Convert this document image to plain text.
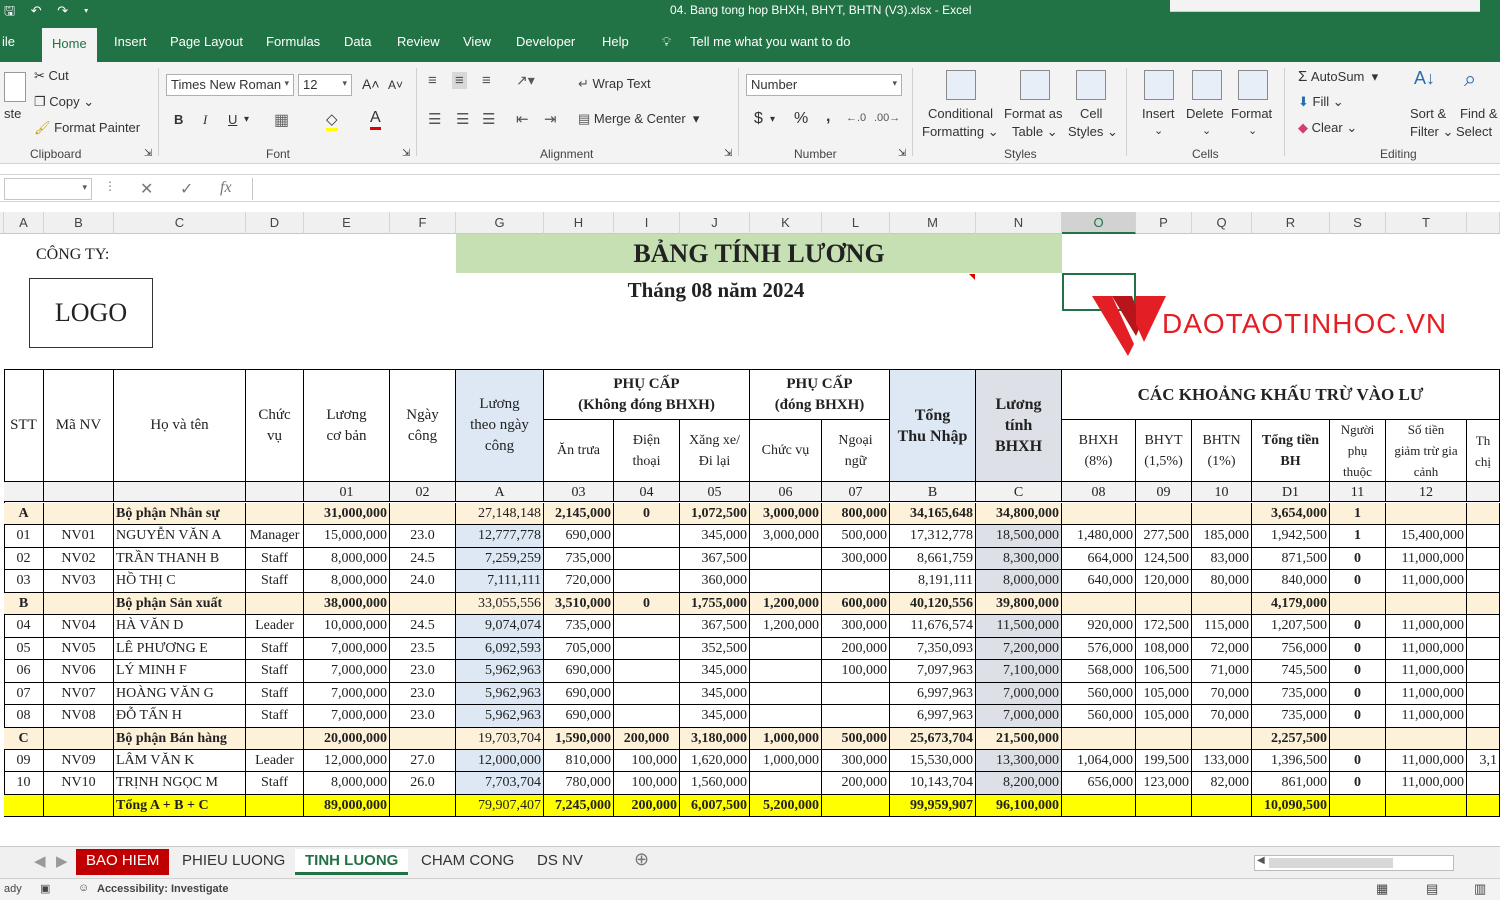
🖫 ↶ ↷ ▾	04. Bang tong hop BHXH, BHYT, BHTN (V3).xlsx - Excel
ile	Home	Insert Page Layout Formulas Data Review View Developer Help	💡︎ Tell me what you want to do
ste
✂ Cut
❐ Copy ⌄
🖌︎ Format Painter
Clipboard	⇲
Times New Roman ▾	12	▾ A˄ A˅
B I U ▾ ▦ ◇ A
Font	⇲
≡ ≡ ≡ ↗▾
☰ ☰ ☰ ⇤ ⇥
↵ Wrap Text
▤ Merge & Center  ▾
Alignment	⇲
Number	▾
$ ▾ % , ←.0 .00→
Number	⇲
Conditional
Formatting ⌄
Format as
Table ⌄
Cell
Styles ⌄
Styles
Insert
⌄
Delete
⌄
Format
⌄
Cells
Σ AutoSum  ▾
⬇︎ Fill ⌄
◆ Clear ⌄
A↓
Sort &
Filter ⌄
⌕
Find &
Select
Editing
▾ ⋮ ✕ ✓ fx
A	B	C	D	E	F	G	H	I	J	K	L	M	N	O	P	Q	R	S	T
CÔNG TY:
LOGO
BẢNG TÍNH LƯƠNG
Tháng 08 năm 2024
DAOTAOTINHOC.VN
STT Mã NV	Họ và tên
Chức
vụ
Lương
cơ bản
Ngày
công
Lương
theo ngày
công
PHỤ CẤP
(Không đóng BHXH)
Ăn trưa
Điện
thoại
Xăng xe/
Đi lại
PHỤ CẤP
(đóng BHXH)
Chức vụ
Ngoại
ngữ
Tổng
Thu Nhập
Lương
tính
BHXH
CÁC KHOẢNG KHẤU TRỪ VÀO LƯ
BHXH
(8%)
BHYT
(1,5%)
BHTN
(1%)
Tổng tiền
BH
Người
phụ
thuộc
Số tiền
giảm trừ gia
cảnh
Th
chị
01	02	A	03	04	05	06	07	B	C	08	09	10	D1	11	12
A	Bộ phận Nhân sự	31,000,000	27,148,148	2,145,000	0	1,072,500	3,000,000	800,000	34,165,648	34,800,000	3,654,000	1
01	NV01	NGUYỄN VĂN A	Manager	15,000,000	23.0	12,777,778	690,000	345,000	3,000,000	500,000	17,312,778	18,500,000	1,480,000 277,500	185,000	1,942,500	1	15,400,000
02	NV02	TRẦN THANH B	Staff	8,000,000	24.5	7,259,259	735,000	367,500	300,000	8,661,759	8,300,000	664,000 124,500	83,000	871,500	0	11,000,000
03	NV03	HỒ THỊ C	Staff	8,000,000	24.0	7,111,111	720,000	360,000	8,191,111	8,000,000	640,000 120,000	80,000	840,000	0	11,000,000
B	Bộ phận Sản xuất	38,000,000	33,055,556	3,510,000	0	1,755,000	1,200,000	600,000	40,120,556	39,800,000	4,179,000
04	NV04	HÀ VĂN D	Leader	10,000,000	24.5	9,074,074	735,000	367,500	1,200,000	300,000	11,676,574	11,500,000	920,000 172,500	115,000	1,207,500	0	11,000,000
05	NV05	LÊ PHƯƠNG E	Staff	7,000,000	23.5	6,092,593	705,000	352,500	200,000	7,350,093	7,200,000	576,000 108,000	72,000	756,000	0	11,000,000
06	NV06	LÝ MINH F	Staff	7,000,000	23.0	5,962,963	690,000	345,000	100,000	7,097,963	7,100,000	568,000 106,500	71,000	745,500	0	11,000,000
07	NV07	HOÀNG VĂN G	Staff	7,000,000	23.0	5,962,963	690,000	345,000	6,997,963	7,000,000	560,000 105,000	70,000	735,000	0	11,000,000
08	NV08	ĐỖ TẤN H	Staff	7,000,000	23.0	5,962,963	690,000	345,000	6,997,963	7,000,000	560,000 105,000	70,000	735,000	0	11,000,000
C	Bộ phận Bán hàng	20,000,000	19,703,704	1,590,000 200,000	3,180,000	1,000,000	500,000	25,673,704	21,500,000	2,257,500
09	NV09	LÂM VĂN K	Leader	12,000,000	27.0	12,000,000	810,000	100,000	1,620,000	1,000,000	300,000	15,530,000	13,300,000	1,064,000 199,500	133,000	1,396,500	0	11,000,000	3,1
10	NV10	TRỊNH NGỌC M	Staff	8,000,000	26.0	7,703,704	780,000	100,000	1,560,000	200,000	10,143,704	8,200,000	656,000 123,000	82,000	861,000	0	11,000,000
Tổng A + B + C	89,000,000	79,907,407	7,245,000	200,000	6,007,500	5,200,000	99,959,907	96,100,000	10,090,500
◀ ▶	BAO HIEM	PHIEU LUONG	TINH LUONG	CHAM CONG	DS NV	⊕	◀
ady ▣	☺ Accessibility: Investigate	▦	▤	▥
